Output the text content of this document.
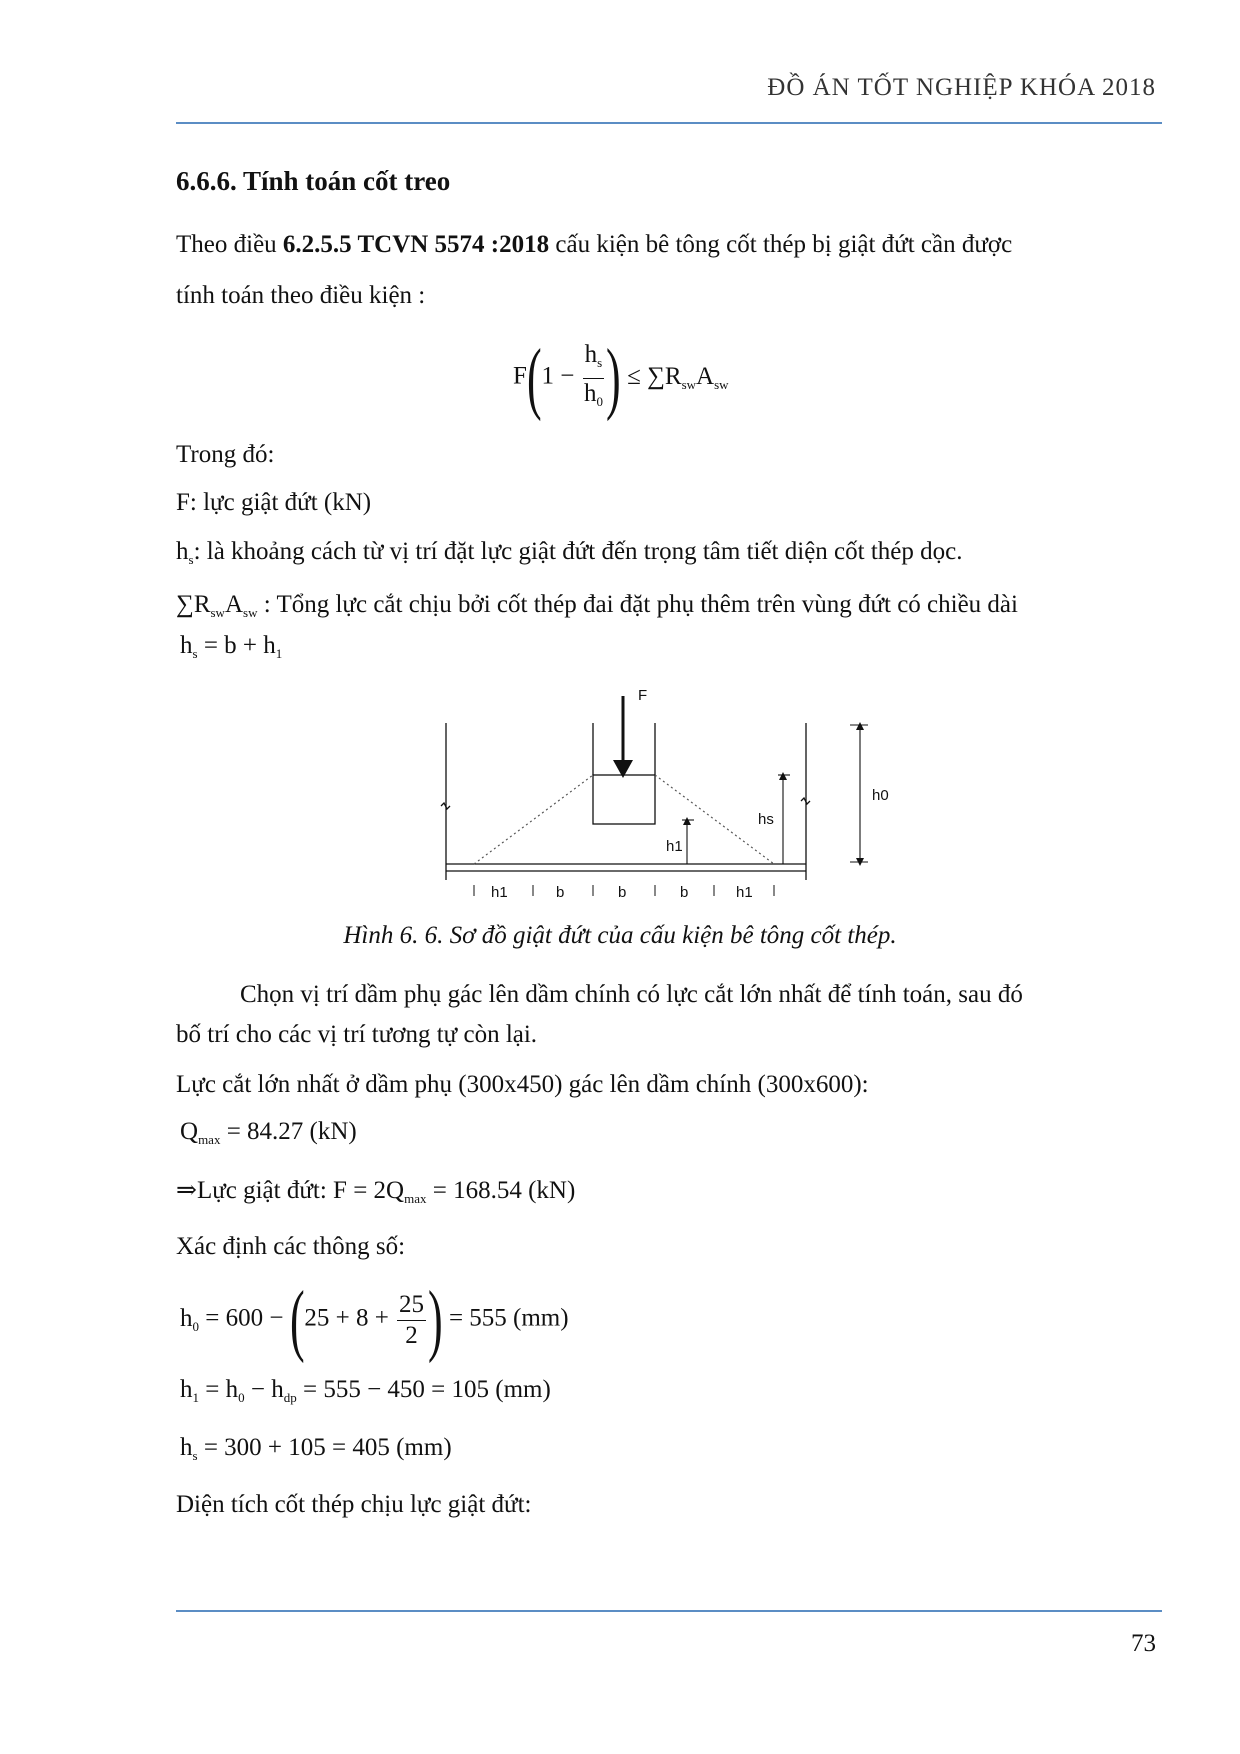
ĐỒ ÁN TỐT NGHIỆP KHÓA 2018
6.6.6. Tính toán cốt treo
Theo điều 6.2.5.5 TCVN 5574 :2018 cấu kiện bê tông cốt thép bị giật đứt cần được
tính toán theo điều kiện :
$F(1 - \frac{h_s}{h_0}$ ) ≤ $\sum R_{sw}A_{sw}$
Trong đó:
F: lực giật đứt (kN)
$h_s$: là khoảng cách từ vị trí đặt lực giật đứt đến trọng tâm tiết diện cốt thép dọc.
$\sum R_{sw}A_{sw}$ : Tổng lực cắt chịu bởi cốt thép đai đặt phụ thêm trên vùng đứt có chiều dài
$h_s = b + h_1$
F
h0
hs
h1
h1	b	b	b	h1
Hình 6. 6. Sơ đồ giật đứt của cấu kiện bê tông cốt thép.
Chọn vị trí dầm phụ gác lên dầm chính có lực cắt lớn nhất để tính toán, sau đó
bố trí cho các vị trí tương tự còn lại.
Lực cắt lớn nhất ở dầm phụ (300x450) gác lên dầm chính (300x600):
$Q_{max} = 84.27$ (kN)
⇒Lực giật đứt: $F = 2Q_{max} = 168.54$ (kN)
Xác định các thông số:
$h_0 = 600 - (25 + 8 + \frac{25}{2}$ ) = 555 (mm)
$h_1 = h_0 - h_{dp} = 555 - 450 = 105$ (mm)
$h_s = 300 + 105 = 405$ (mm)
Diện tích cốt thép chịu lực giật đứt:
73
